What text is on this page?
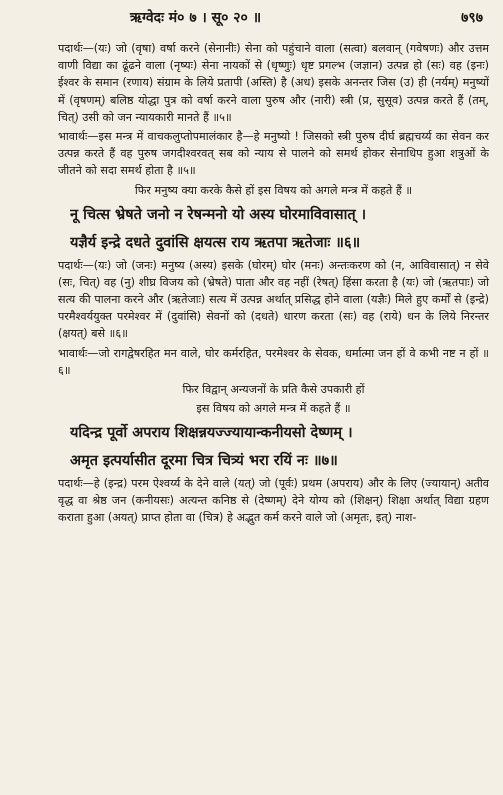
ऋग्वेदः मं० ७ । सू० २० ॥	७९७

पदार्थः—(यः) जो (वृषा) वर्षा करने (सेनानीः) सेना को पहुंचाने वाला (सत्वा) बलवान् (गवेषणः) और उत्तम वाणी विद्या का ढूंढने वाला (नृष्यः) सेना नायकों से (धृष्णुः) धृष्ट प्रगल्भ (जज्ञान) उत्पन्न हो (सः) वह (इनः) ईश्वर के समान (रणाय) संग्राम के लिये प्रतापी (अस्ति) है (अध) इसके अनन्तर जिस (उ) ही (नर्यम्) मनुष्यों में (वृषणम्) बलिष्ठ योद्धा पुत्र को वर्षा करने वाला पुरुष और (नारी) स्त्री (प्र, सुसूव) उत्पन्न करते हैं (तम्, चित्) उसी को जन न्यायकारी मानते हैं ॥५॥

भावार्थः—इस मन्त्र में वाचकलुप्तोपमालंकार है—हे मनुष्यो ! जिसको स्त्री पुरुष दीर्घ ब्रह्मचर्य्य का सेवन कर उत्पन्न करते हैं वह पुरुष जगदीश्वरवत् सब को न्याय से पालने को समर्थ होकर सेनाधिप हुआ शत्रुओं के जीतने को सदा समर्थ होता है ॥५॥

फिर मनुष्य क्या करके कैसे हों इस विषय को अगले मन्त्र में कहते हैं ॥

नू चित्स भ्रेषते जनो न रेषन्मनो यो अस्य घोरमाविवासात् ।
यज्ञैर्य इन्द्रे दधते दुवांसि क्षयत्स राय ऋतपा ऋतेजाः ॥६॥

पदार्थः—(यः) जो (जनः) मनुष्य (अस्य) इसके (घोरम्) घोर (मनः) अन्तःकरण को (न, आविवासात्) न सेवे (सः, चित्) वह (नु) शीघ्र विजय को (भ्रेषते) पाता और वह नहीं (रेषत्) हिंसा करता है (यः) जो (ऋतपाः) जो सत्य की पालना करने और (ऋतेजाः) सत्य में उत्पन्न अर्थात् प्रसिद्ध होने वाला (यज्ञैः) मिले हुए कर्मों से (इन्द्रे) परमैश्वर्ययुक्त परमेश्वर में (दुवांसि) सेवनों को (दधते) धारण करता (सः) वह (राये) धन के लिये निरन्तर (क्षयत्) बसे ॥६॥

भावार्थः—जो रागद्वेषरहित मन वाले, घोर कर्मरहित, परमेश्वर के सेवक, धर्मात्मा जन हों वे कभी नष्ट न हों ॥६॥

फिर विद्वान् अन्यजनों के प्रति कैसे उपकारी हों

इस विषय को अगले मन्त्र में कहते हैं ॥

यदिन्द्र पूर्वो अपराय शिक्षन्नयज्ज्यायान्कनीयसो देष्णम् ।
अमृत इत्पर्यासीत दूरमा चित्र चित्र्यं भरा रयिं नः ॥७॥

पदार्थः—हे (इन्द्र) परम ऐश्वर्य्य के देने वाले (यत्) जो (पूर्वः) प्रथम (अपराय) और के लिए (ज्यायान्) अतीव वृद्ध वा श्रेष्ठ जन (कनीयसः) अत्यन्त कनिष्ठ से (देष्णम्) देने योग्य को (शिक्षन्) शिक्षा अर्थात् विद्या ग्रहण कराता हुआ (अयत्) प्राप्त होता वा (चित्र) हे अद्भुत कर्म करने वाले जो (अमृतः, इत्) नाश-
